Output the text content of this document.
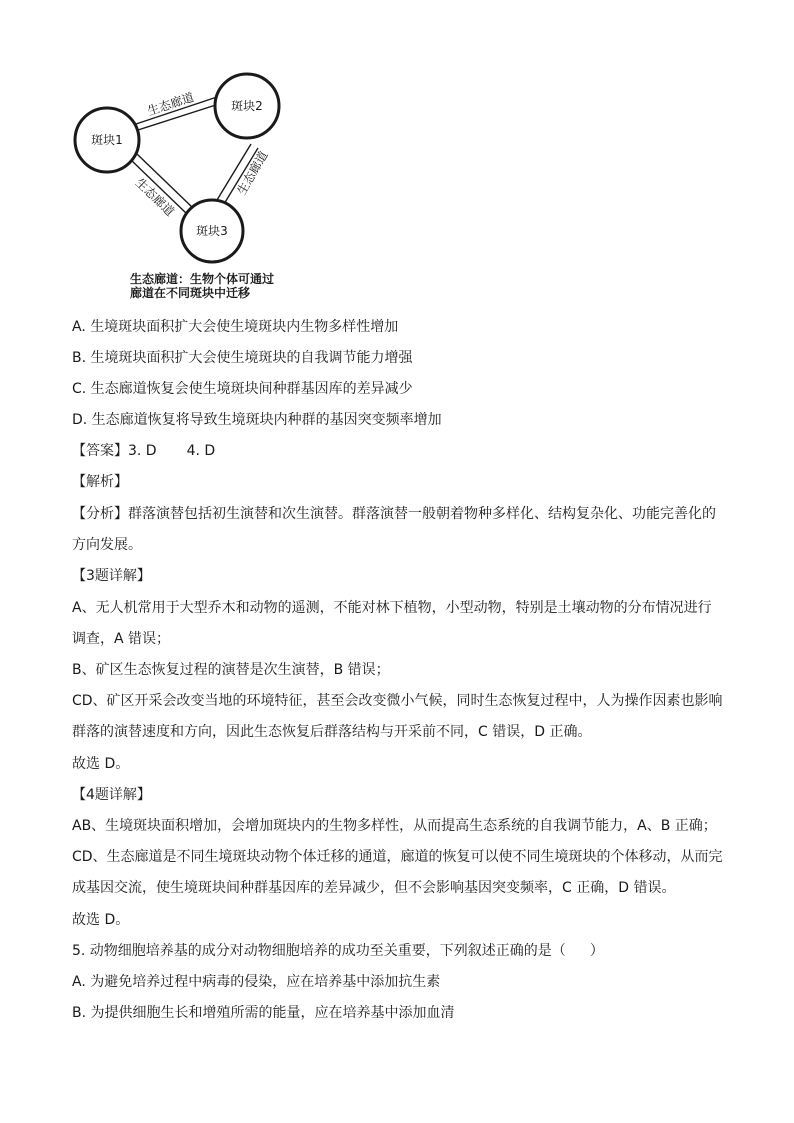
斑块1
斑块2
斑块3
生态廊道
生态廊道
生态廊道
生态廊道：生物个体可通过
廊道在不同斑块中迁移
A. 生境斑块面积扩大会使生境斑块内生物多样性增加
B. 生境斑块面积扩大会使生境斑块的自我调节能力增强
C. 生态廊道恢复会使生境斑块间种群基因库的差异减少
D. 生态廊道恢复将导致生境斑块内种群的基因突变频率增加
【答案】3. D 4. D
【解析】
【分析】群落演替包括初生演替和次生演替。群落演替一般朝着物种多样化、结构复杂化、功能完善化的
方向发展。
【3题详解】
A、无人机常用于大型乔木和动物的遥测，不能对林下植物，小型动物，特别是土壤动物的分布情况进行
调查，A 错误；
B、矿区生态恢复过程的演替是次生演替，B 错误；
CD、矿区开采会改变当地的环境特征，甚至会改变微小气候，同时生态恢复过程中，人为操作因素也影响
群落的演替速度和方向，因此生态恢复后群落结构与开采前不同，C 错误，D 正确。
故选 D。
【4题详解】
AB、生境斑块面积增加，会增加斑块内的生物多样性，从而提高生态系统的自我调节能力，A、B 正确；
CD、生态廊道是不同生境斑块动物个体迁移的通道，廊道的恢复可以使不同生境斑块的个体移动，从而完
成基因交流，使生境斑块间种群基因库的差异减少，但不会影响基因突变频率，C 正确，D 错误。
故选 D。
5. 动物细胞培养基的成分对动物细胞培养的成功至关重要，下列叙述正确的是（ ）
A. 为避免培养过程中病毒的侵染，应在培养基中添加抗生素
B. 为提供细胞生长和增殖所需的能量，应在培养基中添加血清
